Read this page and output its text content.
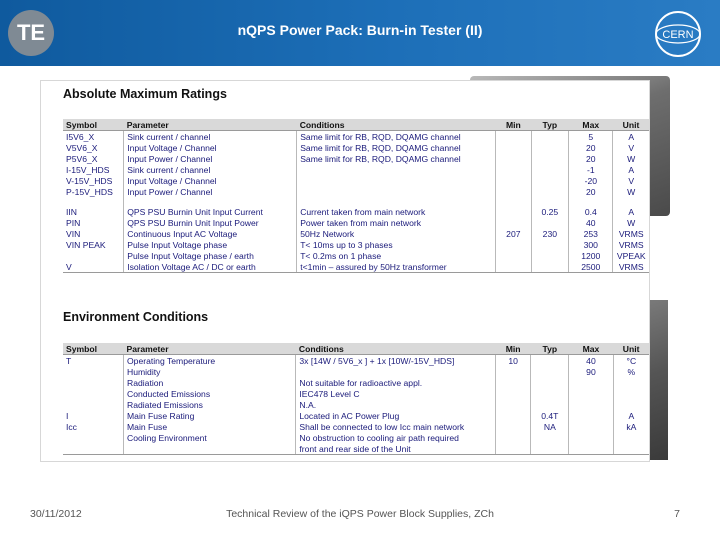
TE	nQPS Power Pack: Burn-in Tester (II)	CERN
Absolute Maximum Ratings
Symbol	Parameter	Conditions	Min	Typ	Max	Unit
I5V6_X	Sink current / channel	Same limit for RB, RQD, DQAMG channel			5	A
V5V6_X	Input Voltage / Channel	Same limit for RB, RQD, DQAMG channel			20	V
P5V6_X	Input Power / Channel	Same limit for RB, RQD, DQAMG channel			20	W
I-15V_HDS	Sink current / channel				-1	A
V-15V_HDS	Input Voltage / Channel				-20	V
P-15V_HDS	Input Power / Channel				20	W

IIN	QPS PSU Burnin Unit Input Current	Current taken from main network		0.25	0.4	A
PIN	QPS PSU Burnin Unit Input Power	Power taken from main network			40	W
VIN	Continuous Input AC Voltage	50Hz Network	207	230	253	VRMS
VIN PEAK	Pulse Input Voltage phase	T< 10ms up to 3 phases			300	VRMS
	Pulse Input Voltage phase / earth	T< 0.2ms on 1 phase			1200	VPEAK
V	Isolation Voltage AC / DC or earth	t<1min – assured by 50Hz transformer			2500	VRMS
Environment Conditions
Symbol	Parameter	Conditions	Min	Typ	Max	Unit
T	Operating Temperature	3x [14W / 5V6_x ] + 1x [10W/-15V_HDS]	10		40	°C
	Humidity				90	%
	Radiation	Not suitable for radioactive appl.				
	Conducted Emissions	IEC478 Level C				
	Radiated Emissions	N.A.				
I	Main Fuse Rating	Located in AC Power Plug		0.4T		A
Icc	Main Fuse	Shall be connected to low Icc main network		NA		kA
	Cooling Environment	No obstruction to cooling air path required				
		front and rear side of the Unit				
30/11/2012	Technical Review of the iQPS Power Block Supplies, ZCh	7
